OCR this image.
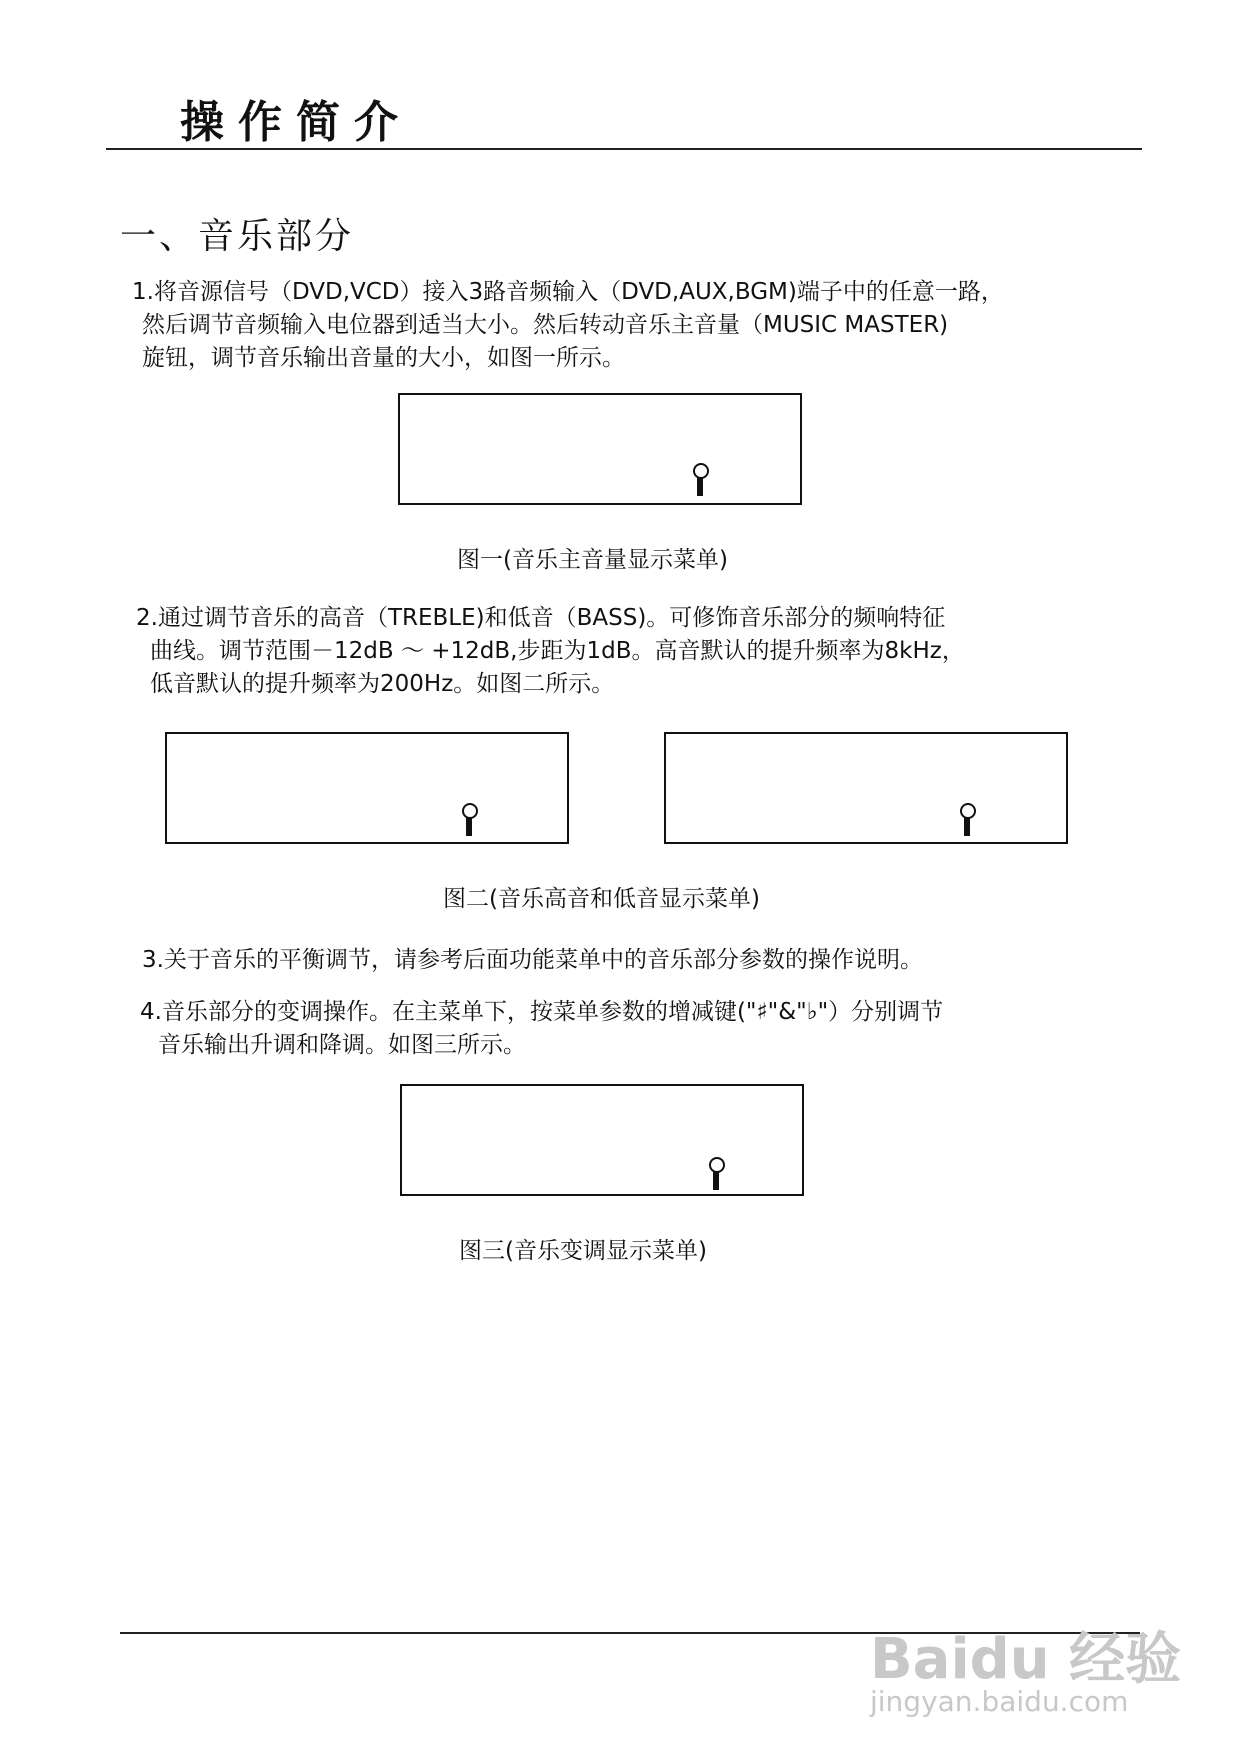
操作简介
一、音乐部分
1.将音源信号（DVD,VCD）接入3路音频输入（DVD,AUX,BGM)端子中的任意一路，
然后调节音频输入电位器到适当大小。然后转动音乐主音量（MUSIC MASTER)
旋钮，调节音乐输出音量的大小，如图一所示。
图一(音乐主音量显示菜单)
2.通过调节音乐的高音（TREBLE)和低音（BASS)。可修饰音乐部分的频响特征
曲线。调节范围－12dB ～ +12dB,步距为1dB。高音默认的提升频率为8kHz，
低音默认的提升频率为200Hz。如图二所示。
图二(音乐高音和低音显示菜单)
3.关于音乐的平衡调节，请参考后面功能菜单中的音乐部分参数的操作说明。
4.音乐部分的变调操作。在主菜单下，按菜单参数的增减键("♯"&"♭"）分别调节
音乐输出升调和降调。如图三所示。
图三(音乐变调显示菜单)
Baidu 经验
jingyan.baidu.com
